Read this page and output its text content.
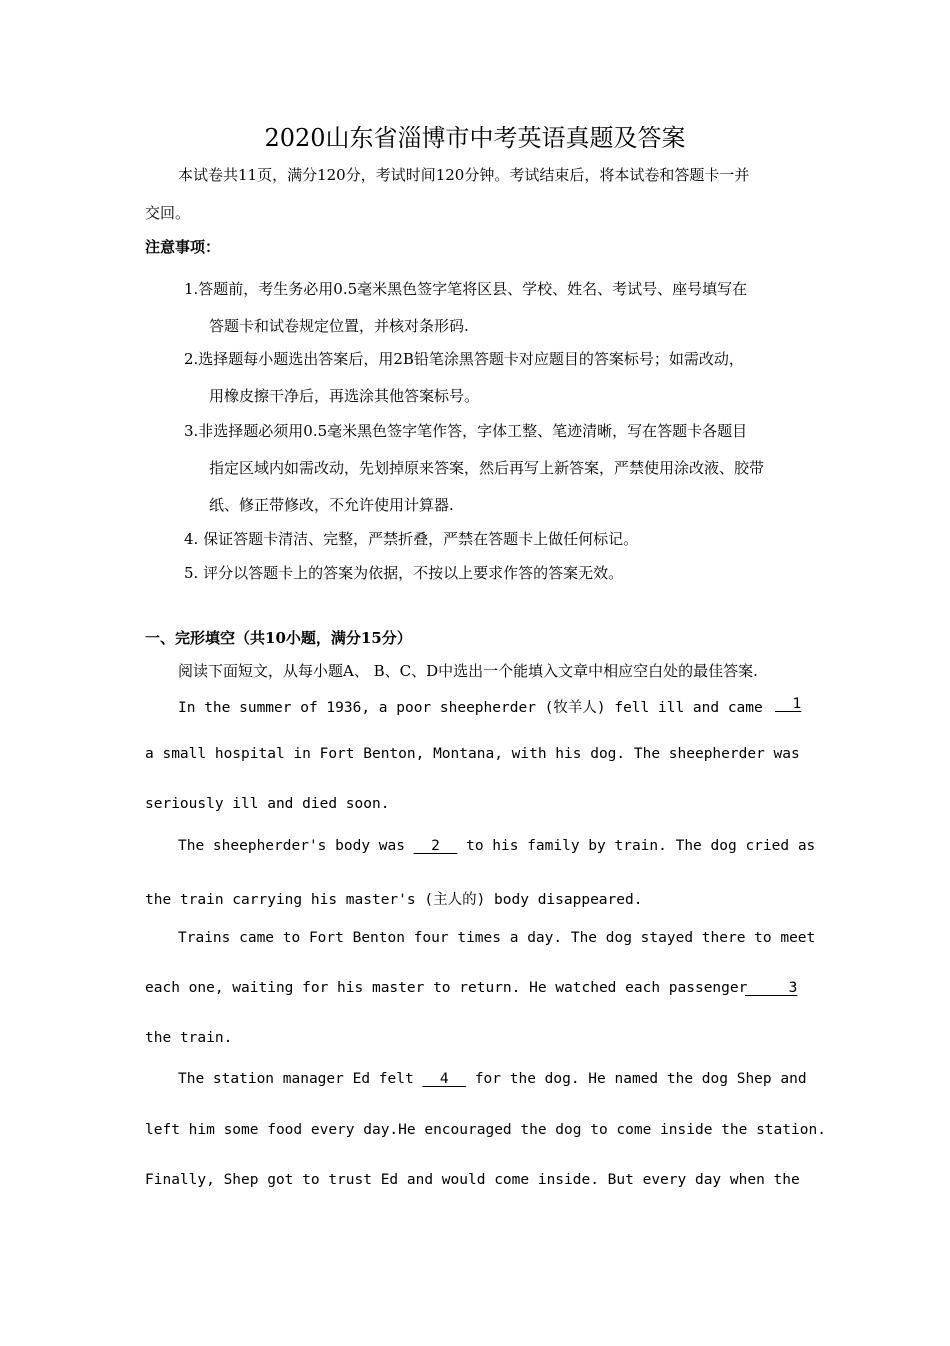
2020山东省淄博市中考英语真题及答案
本试卷共11页，满分120分，考试时间120分钟。考试结束后，将本试卷和答题卡一并
交回。
注意事项：
1.答题前，考生务必用0.5毫米黑色签字笔将区县、学校、姓名、考试号、座号填写在
答题卡和试卷规定位置，并核对条形码.
2.选择题每小题选出答案后，用2B铅笔涂黑答题卡对应题目的答案标号；如需改动，
用橡皮擦干净后，再选涂其他答案标号。
3.非选择题必须用0.5毫米黑色签字笔作答，字体工整、笔迹清晰，写在答题卡各题目
指定区域内如需改动，先划掉原来答案，然后再写上新答案，严禁使用涂改液、胶带
纸、修正带修改，不允许使用计算器.
4. 保证答题卡清洁、完整，严禁折叠，严禁在答题卡上做任何标记。
5. 评分以答题卡上的答案为依据，不按以上要求作答的答案无效。
一、完形填空（共10小题，满分15分）
阅读下面短文，从每小题A、 B、C、D中选出一个能填入文章中相应空白处的最佳答案.
In the summer of 1936, a poor sheepherder (牧羊人) fell ill and came __1
a small hospital in Fort Benton, Montana, with his dog. The sheepherder was
seriously ill and died soon.
The sheepherder's body was __2__ to his family by train. The dog cried as
the train carrying his master's (主人的) body disappeared.
Trains came to Fort Benton four times a day. The dog stayed there to meet
each one, waiting for his master to return. He watched each passenger
_____3
the train.
The station manager Ed felt __4__ for the dog. He named the dog Shep and
left him some food every day.He encouraged the dog to come inside the station.
Finally, Shep got to trust Ed and would come inside. But every day when the
